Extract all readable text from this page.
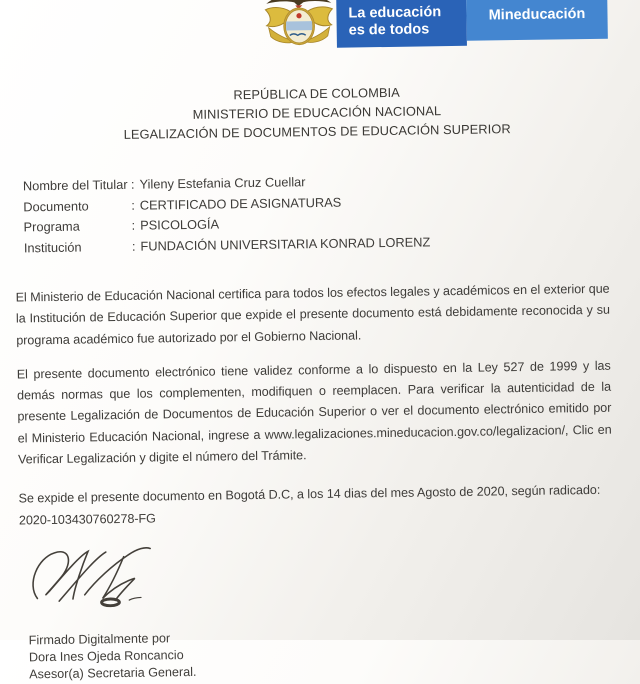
La educación
es de todos
Mineducación
REPÚBLICA DE COLOMBIA
MINISTERIO DE EDUCACIÓN NACIONAL
LEGALIZACIÓN DE DOCUMENTOS DE EDUCACIÓN SUPERIOR
Nombre del Titular : Yileny Estefania Cruz Cuellar
Documento	: CERTIFICADO DE ASIGNATURAS
Programa	: PSICOLOGÍA
Institución	: FUNDACIÓN UNIVERSITARIA KONRAD LORENZ

El Ministerio de Educación Nacional certifica para todos los efectos legales y académicos en el exterior que la Institución de Educación Superior que expide el presente documento está debidamente reconocida y su programa académico fue autorizado por el Gobierno Nacional.

El presente documento electrónico tiene validez conforme a lo dispuesto en la Ley 527 de 1999 y las demás normas que los complementen, modifiquen o reemplacen. Para verificar la autenticidad de la presente Legalización de Documentos de Educación Superior o ver el documento electrónico emitido por el Ministerio Educación Nacional, ingrese a www.legalizaciones.mineducacion.gov.co/legalizacion/, Clic en Verificar Legalización y digite el número del Trámite.

Se expide el presente documento en Bogotá D.C, a los 14 dias del mes Agosto de 2020, según radicado: 2020-103430760278-FG

Firmado Digitalmente por
Dora Ines Ojeda Roncancio
Asesor(a) Secretaria General.
